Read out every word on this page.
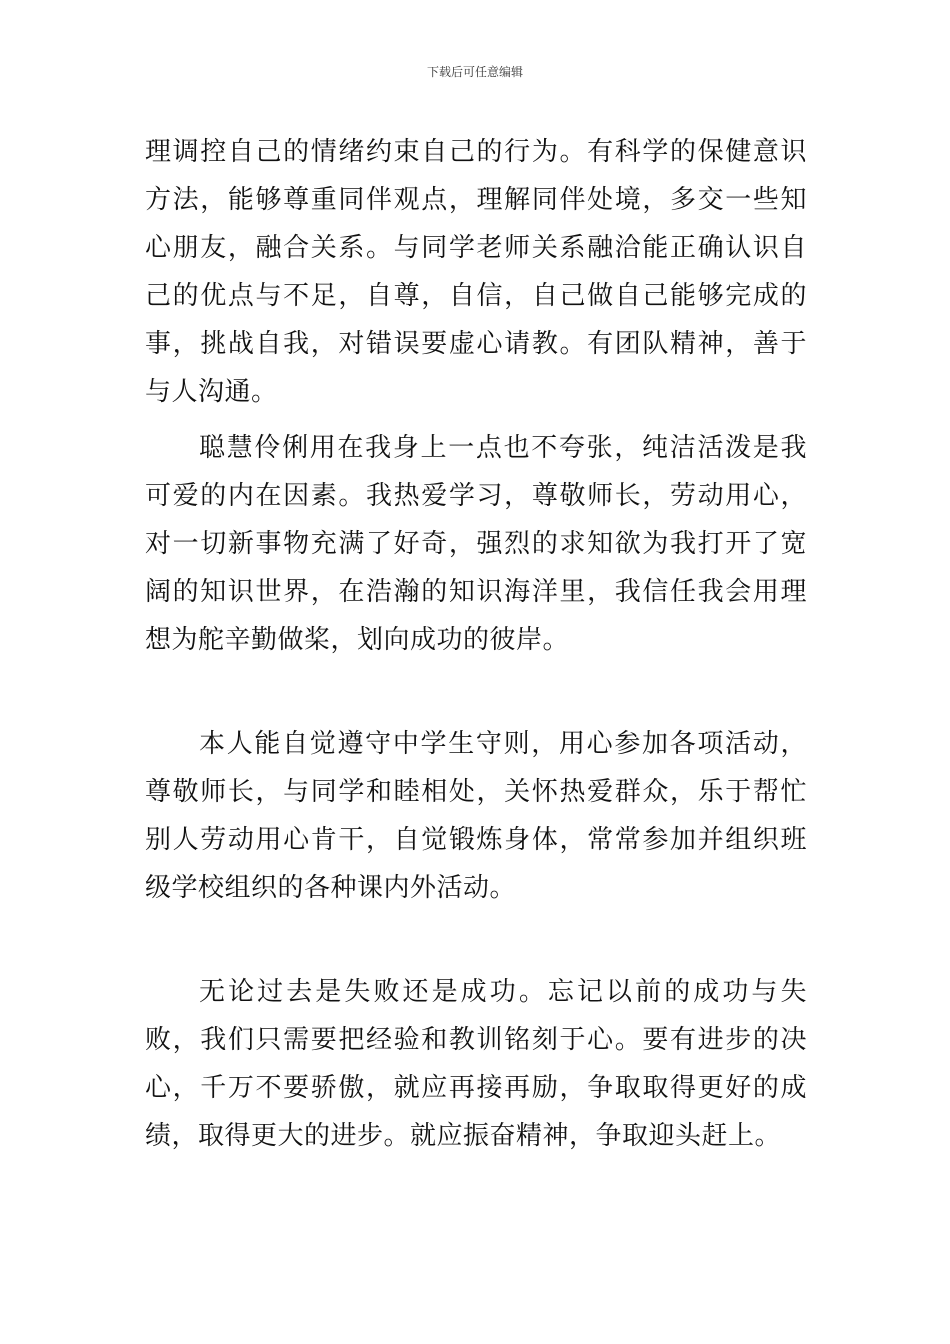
下载后可任意编辑

理调控自己的情绪约束自己的行为。有科学的保健意识方法，能够尊重同伴观点，理解同伴处境，多交一些知心朋友，融合关系。与同学老师关系融洽能正确认识自己的优点与不足，自尊，自信，自己做自己能够完成的事，挑战自我，对错误要虚心请教。有团队精神，善于与人沟通。

聪慧伶俐用在我身上一点也不夸张，纯洁活泼是我可爱的内在因素。我热爱学习，尊敬师长，劳动用心，对一切新事物充满了好奇，强烈的求知欲为我打开了宽阔的知识世界，在浩瀚的知识海洋里，我信任我会用理想为舵辛勤做桨，划向成功的彼岸。

本人能自觉遵守中学生守则，用心参加各项活动，尊敬师长，与同学和睦相处，关怀热爱群众，乐于帮忙别人劳动用心肯干，自觉锻炼身体，常常参加并组织班级学校组织的各种课内外活动。

无论过去是失败还是成功。忘记以前的成功与失败，我们只需要把经验和教训铭刻于心。要有进步的决心，千万不要骄傲，就应再接再励，争取取得更好的成绩，取得更大的进步。就应振奋精神，争取迎头赶上。
